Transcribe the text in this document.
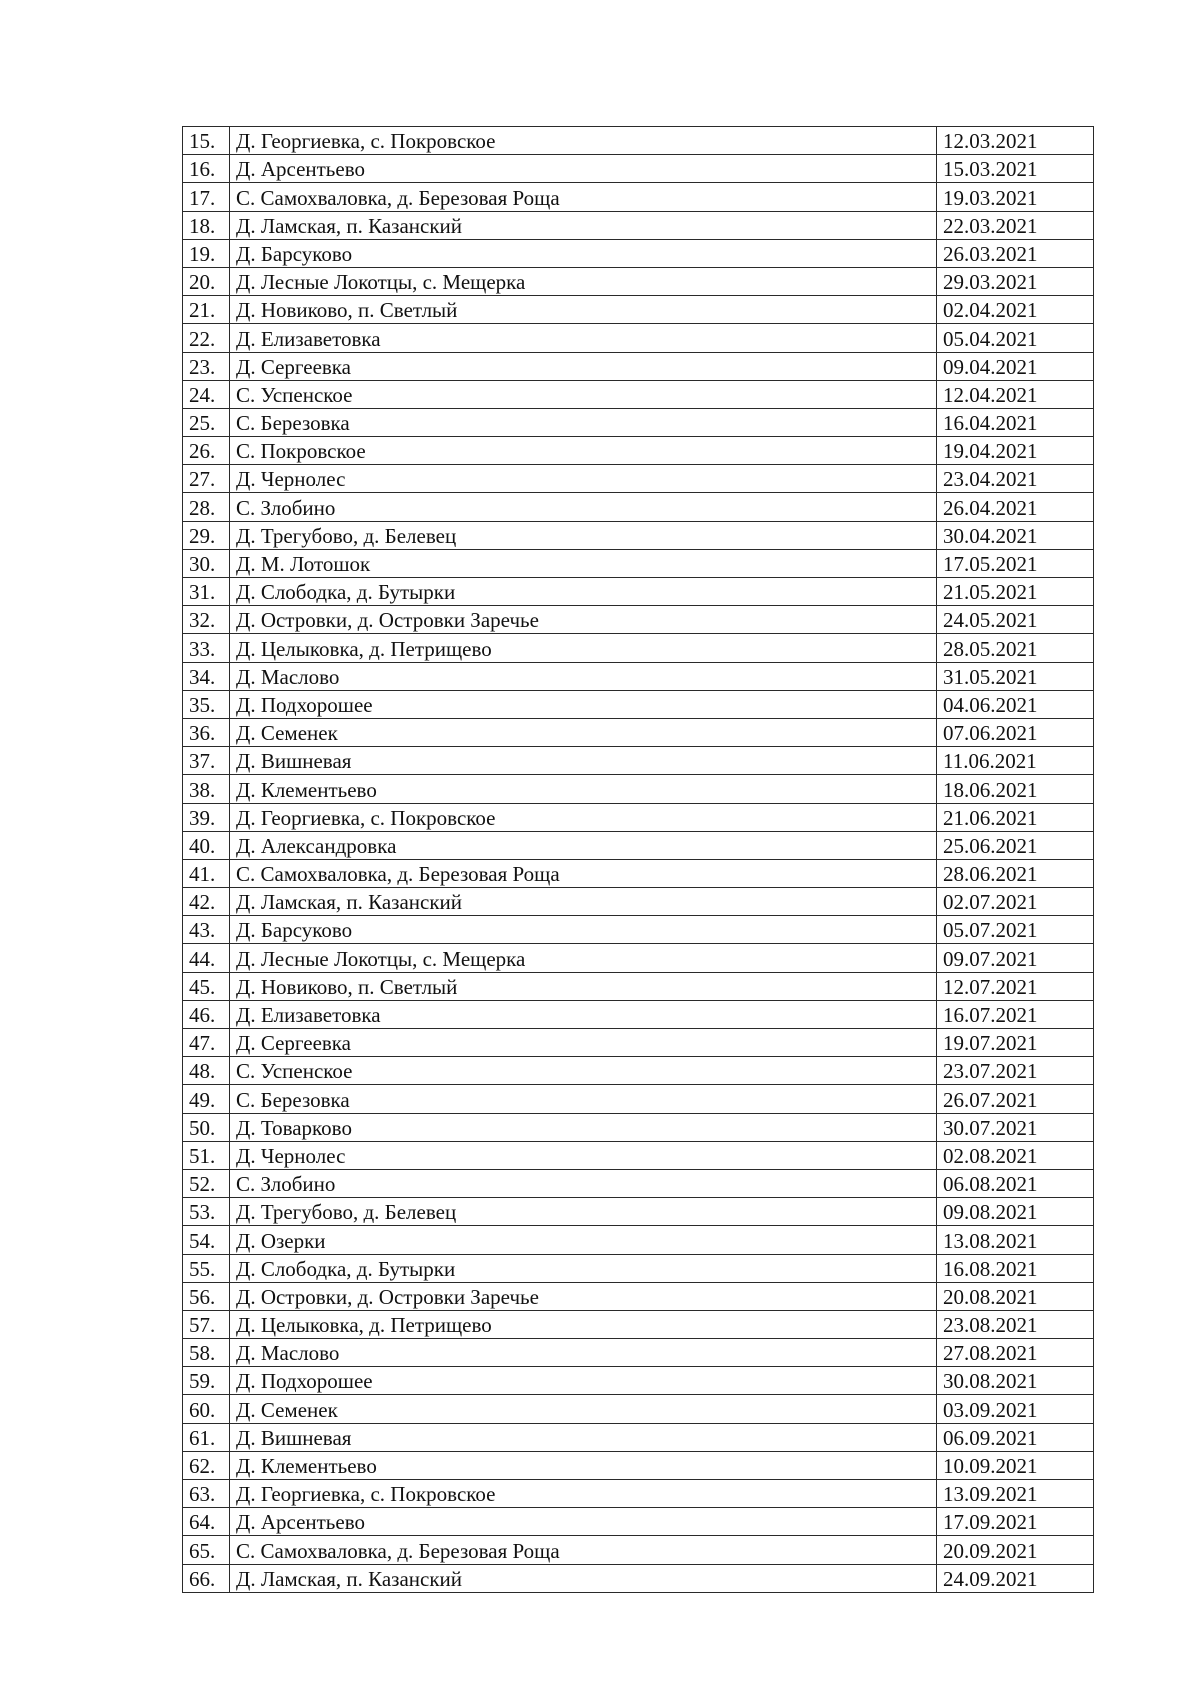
15.	Д. Георгиевка, с. Покровское	12.03.2021
16.	Д. Арсентьево	15.03.2021
17.	С. Самохваловка, д. Березовая Роща	19.03.2021
18.	Д. Ламская, п. Казанский	22.03.2021
19.	Д. Барсуково	26.03.2021
20.	Д. Лесные Локотцы, с. Мещерка	29.03.2021
21.	Д. Новиково, п. Светлый	02.04.2021
22.	Д. Елизаветовка	05.04.2021
23.	Д. Сергеевка	09.04.2021
24.	С. Успенское	12.04.2021
25.	С. Березовка	16.04.2021
26.	С. Покровское	19.04.2021
27.	Д. Чернолес	23.04.2021
28.	С. Злобино	26.04.2021
29.	Д. Трегубово, д. Белевец	30.04.2021
30.	Д. М. Лотошок	17.05.2021
31.	Д. Слободка, д. Бутырки	21.05.2021
32.	Д. Островки, д. Островки Заречье	24.05.2021
33.	Д. Целыковка, д. Петрищево	28.05.2021
34.	Д. Маслово	31.05.2021
35.	Д. Подхорошее	04.06.2021
36.	Д. Семенек	07.06.2021
37.	Д. Вишневая	11.06.2021
38.	Д. Клементьево	18.06.2021
39.	Д. Георгиевка, с. Покровское	21.06.2021
40.	Д. Александровка	25.06.2021
41.	С. Самохваловка, д. Березовая Роща	28.06.2021
42.	Д. Ламская, п. Казанский	02.07.2021
43.	Д. Барсуково	05.07.2021
44.	Д. Лесные Локотцы, с. Мещерка	09.07.2021
45.	Д. Новиково, п. Светлый	12.07.2021
46.	Д. Елизаветовка	16.07.2021
47.	Д. Сергеевка	19.07.2021
48.	С. Успенское	23.07.2021
49.	С. Березовка	26.07.2021
50.	Д. Товарково	30.07.2021
51.	Д. Чернолес	02.08.2021
52.	С. Злобино	06.08.2021
53.	Д. Трегубово, д. Белевец	09.08.2021
54.	Д. Озерки	13.08.2021
55.	Д. Слободка, д. Бутырки	16.08.2021
56.	Д. Островки, д. Островки Заречье	20.08.2021
57.	Д. Целыковка, д. Петрищево	23.08.2021
58.	Д. Маслово	27.08.2021
59.	Д. Подхорошее	30.08.2021
60.	Д. Семенек	03.09.2021
61.	Д. Вишневая	06.09.2021
62.	Д. Клементьево	10.09.2021
63.	Д. Георгиевка, с. Покровское	13.09.2021
64.	Д. Арсентьево	17.09.2021
65.	С. Самохваловка, д. Березовая Роща	20.09.2021
66.	Д. Ламская, п. Казанский	24.09.2021
